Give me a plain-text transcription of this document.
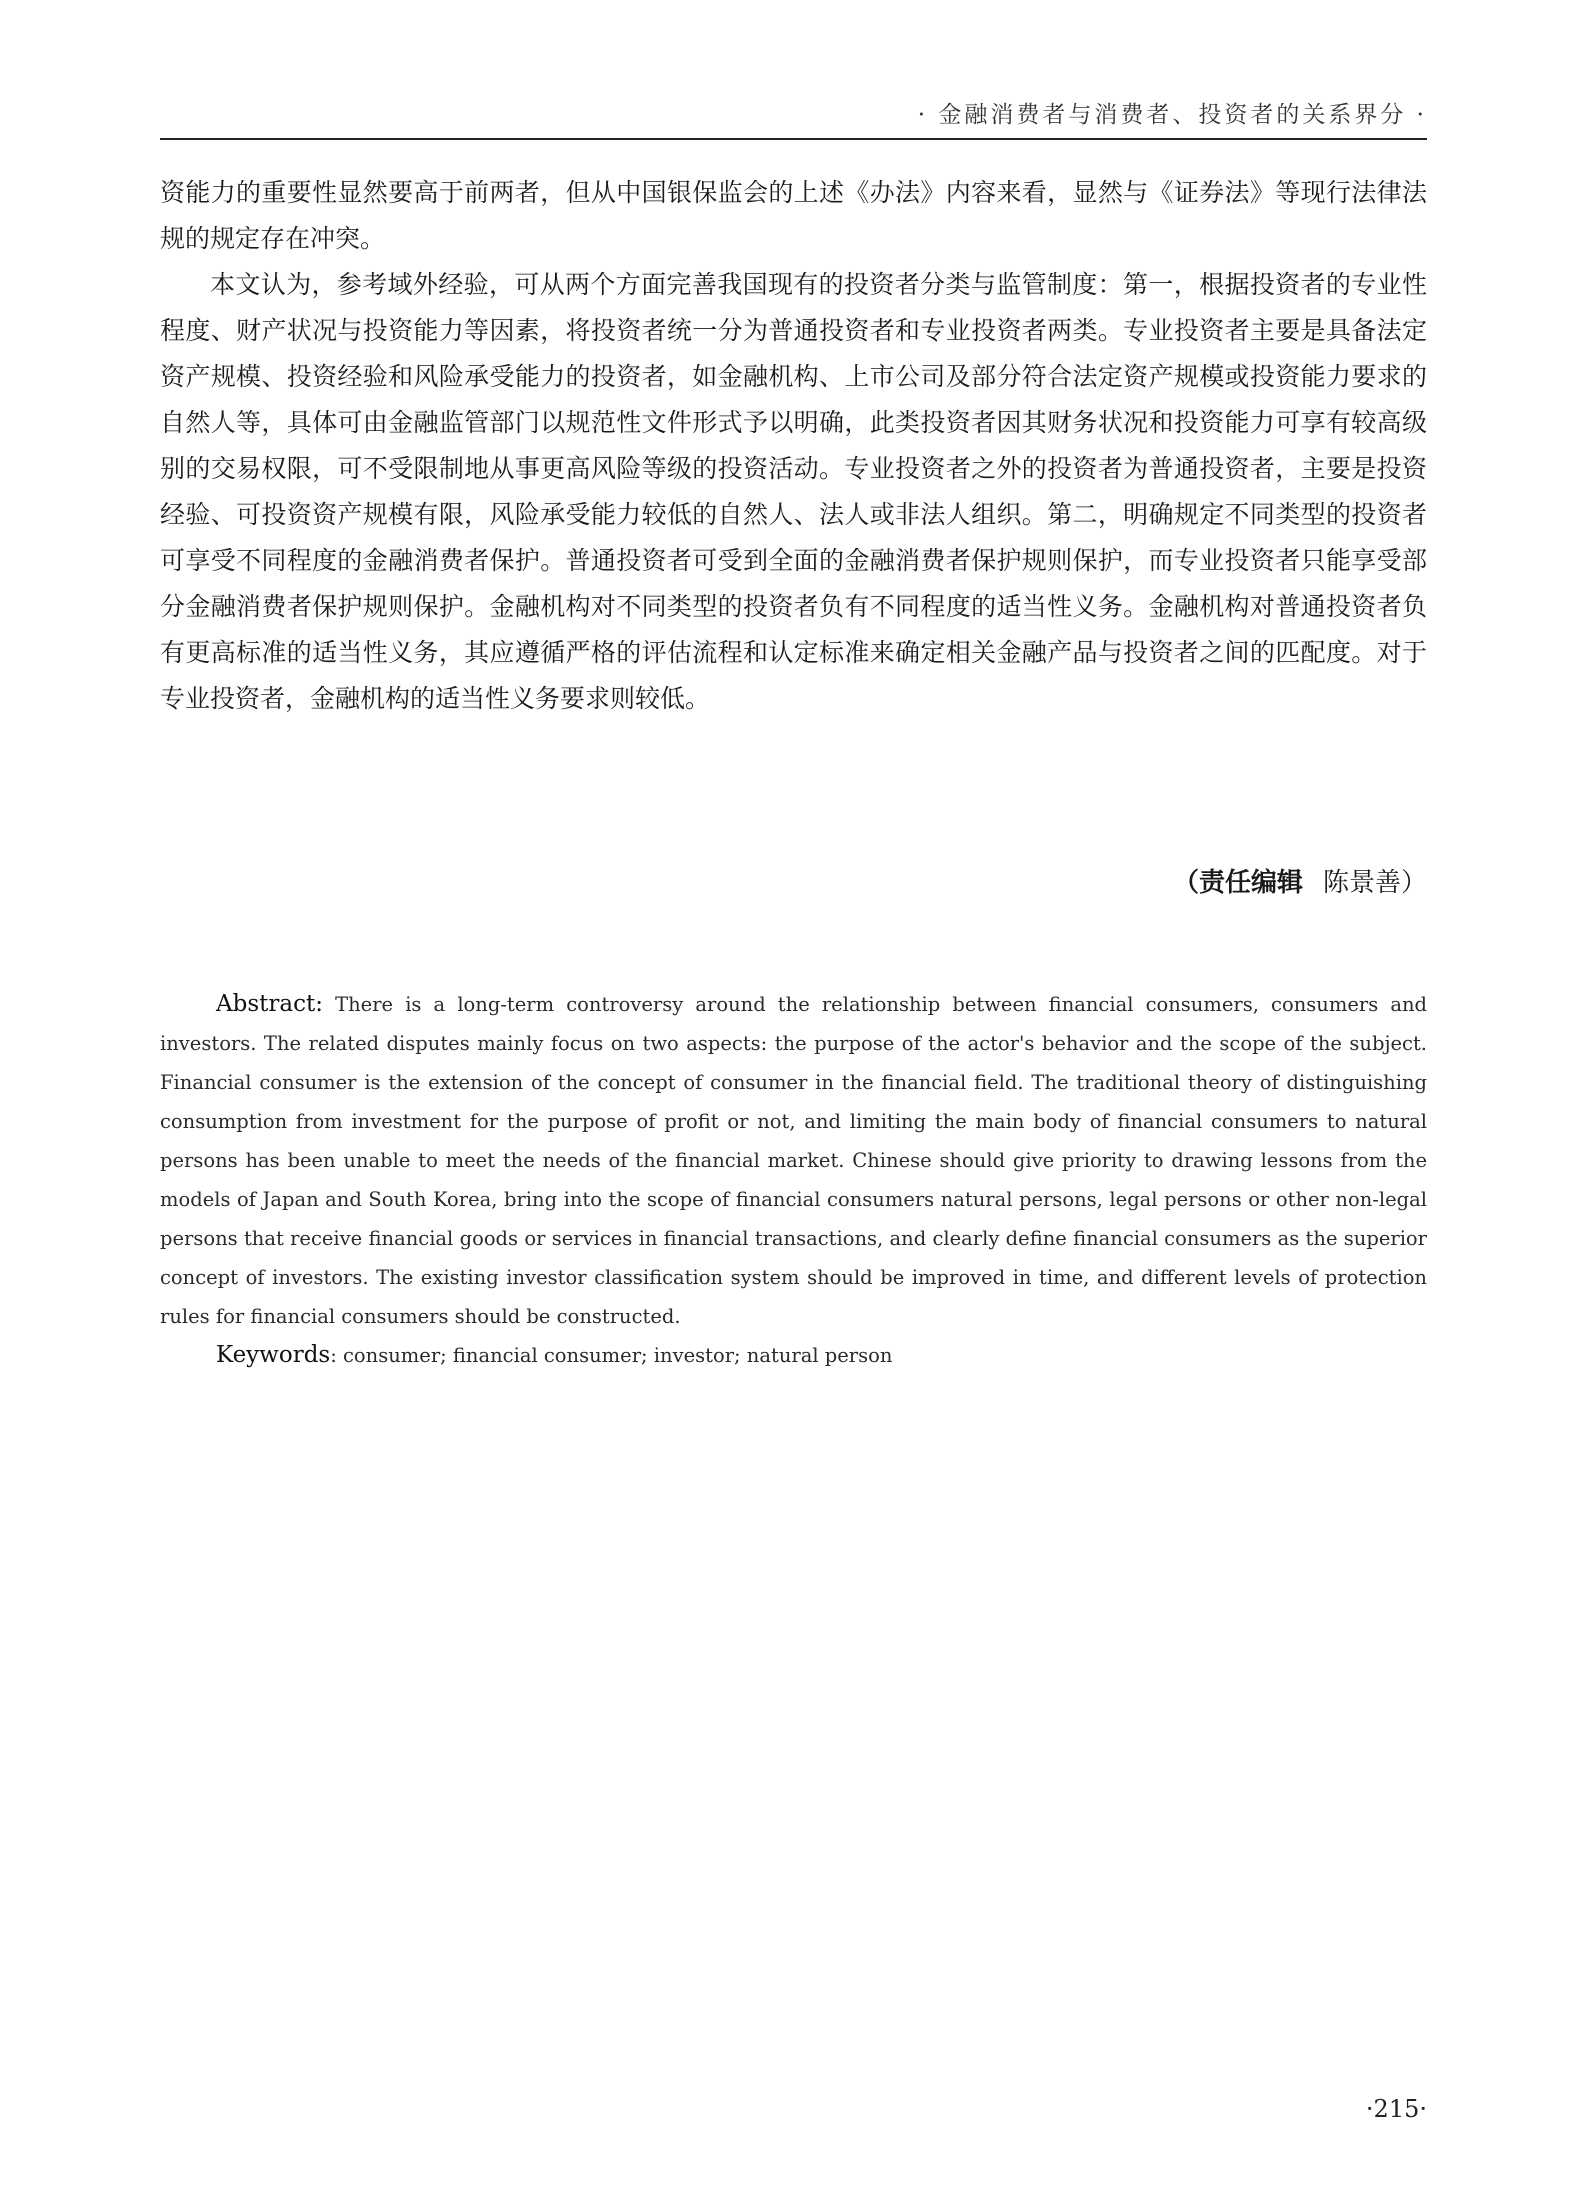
· 金融消费者与消费者、投资者的关系界分 ·

资能力的重要性显然要高于前两者，但从中国银保监会的上述《办法》内容来看，显然与《证券法》等现行法律法规的规定存在冲突。

本文认为，参考域外经验，可从两个方面完善我国现有的投资者分类与监管制度：第一，根据投资者的专业性程度、财产状况与投资能力等因素，将投资者统一分为普通投资者和专业投资者两类。专业投资者主要是具备法定资产规模、投资经验和风险承受能力的投资者，如金融机构、上市公司及部分符合法定资产规模或投资能力要求的自然人等，具体可由金融监管部门以规范性文件形式予以明确，此类投资者因其财务状况和投资能力可享有较高级别的交易权限，可不受限制地从事更高风险等级的投资活动。专业投资者之外的投资者为普通投资者，主要是投资经验、可投资资产规模有限，风险承受能力较低的自然人、法人或非法人组织。第二，明确规定不同类型的投资者可享受不同程度的金融消费者保护。普通投资者可受到全面的金融消费者保护规则保护，而专业投资者只能享受部分金融消费者保护规则保护。金融机构对不同类型的投资者负有不同程度的适当性义务。金融机构对普通投资者负有更高标准的适当性义务，其应遵循严格的评估流程和认定标准来确定相关金融产品与投资者之间的匹配度。对于专业投资者，金融机构的适当性义务要求则较低。

（责任编辑 陈景善）

Abstract: There is a long-term controversy around the relationship between financial consumers, consumers and investors. The related disputes mainly focus on two aspects: the purpose of the actor's behavior and the scope of the subject. Financial consumer is the extension of the concept of consumer in the financial field. The traditional theory of distinguishing consumption from investment for the purpose of profit or not, and limiting the main body of financial consumers to natural persons has been unable to meet the needs of the financial market. Chinese should give priority to drawing lessons from the models of Japan and South Korea, bring into the scope of financial consumers natural persons, legal persons or other non-legal persons that receive financial goods or services in financial transactions, and clearly define financial consumers as the superior concept of investors. The existing investor classification system should be improved in time, and different levels of protection rules for financial consumers should be constructed.

Keywords: consumer; financial consumer; investor; natural person

·215·
